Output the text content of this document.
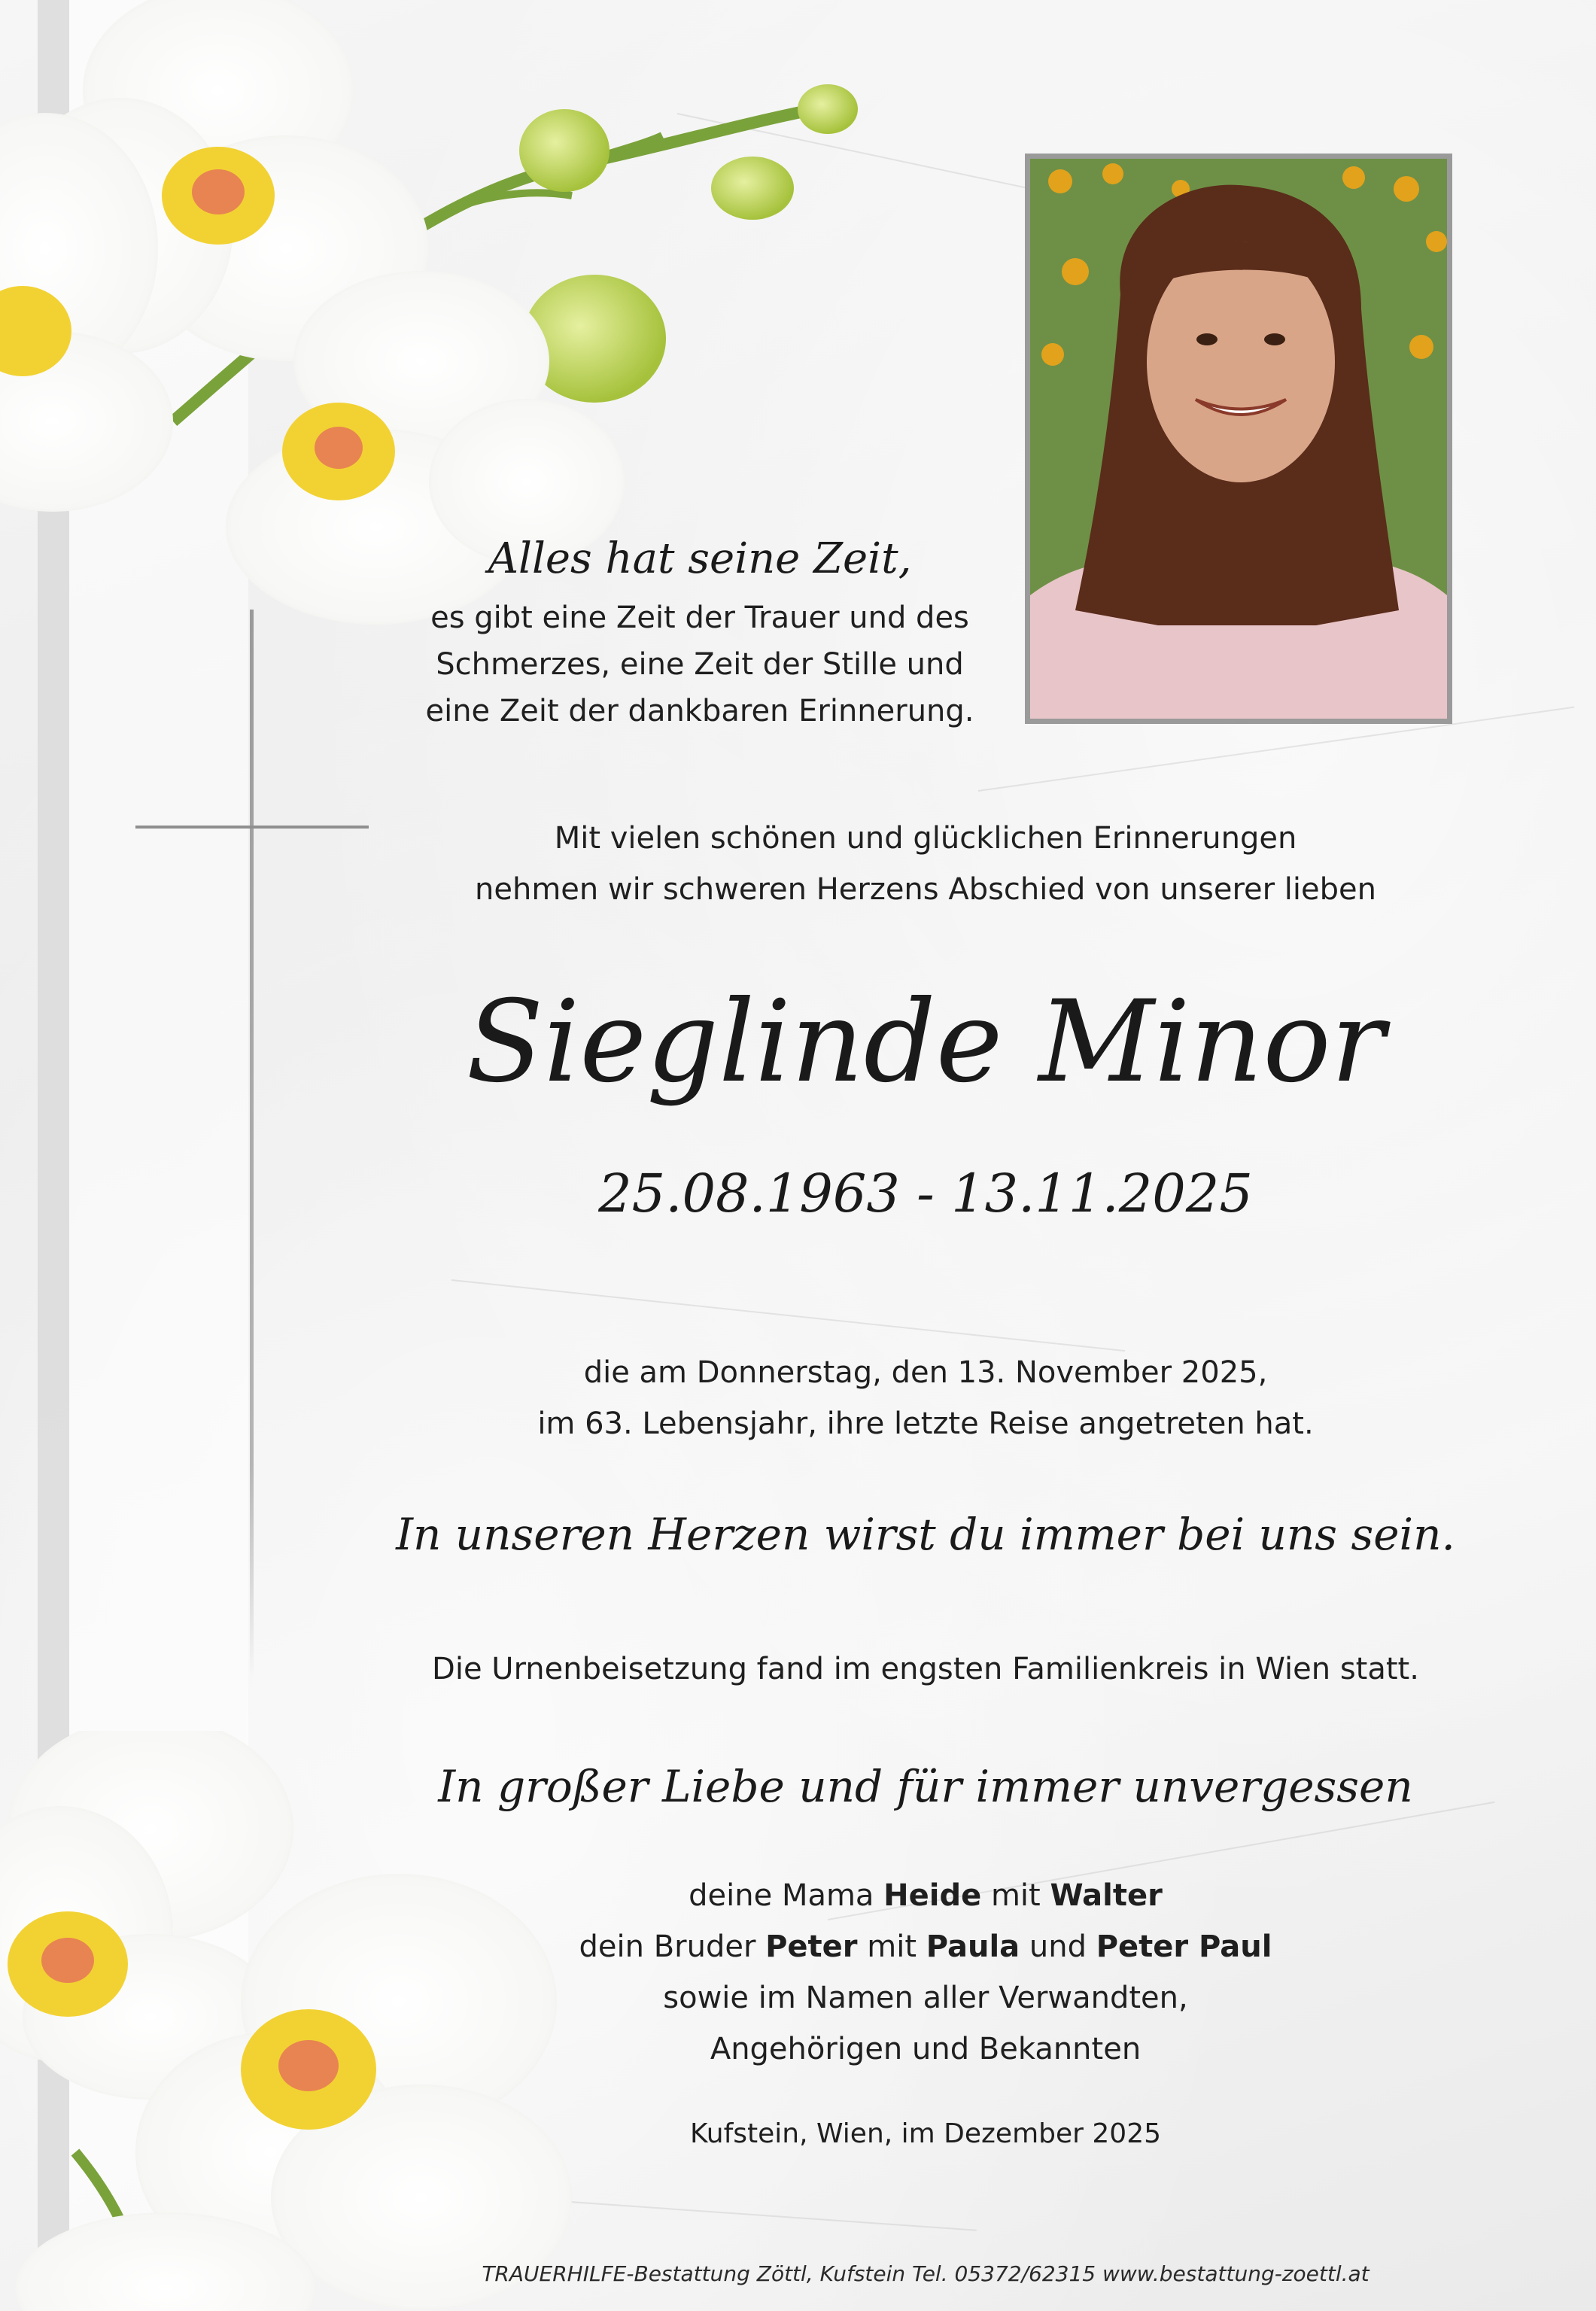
Alles hat seine Zeit,
es gibt eine Zeit der Trauer und des
Schmerzes, eine Zeit der Stille und
eine Zeit der dankbaren Erinnerung.
Mit vielen schönen und glücklichen Erinnerungen
nehmen wir schweren Herzens Abschied von unserer lieben
Sieglinde Minor
25.08.1963 - 13.11.2025
die am Donnerstag, den 13. November 2025,
im 63. Lebensjahr, ihre letzte Reise angetreten hat.
In unseren Herzen wirst du immer bei uns sein.
Die Urnenbeisetzung fand im engsten Familienkreis in Wien statt.
In großer Liebe und für immer unvergessen
deine Mama Heide mit Walter
dein Bruder Peter mit Paula und Peter Paul
sowie im Namen aller Verwandten,
Angehörigen und Bekannten
Kufstein, Wien, im Dezember 2025
TRAUERHILFE-Bestattung Zöttl, Kufstein Tel. 05372/62315 www.bestattung-zoettl.at
